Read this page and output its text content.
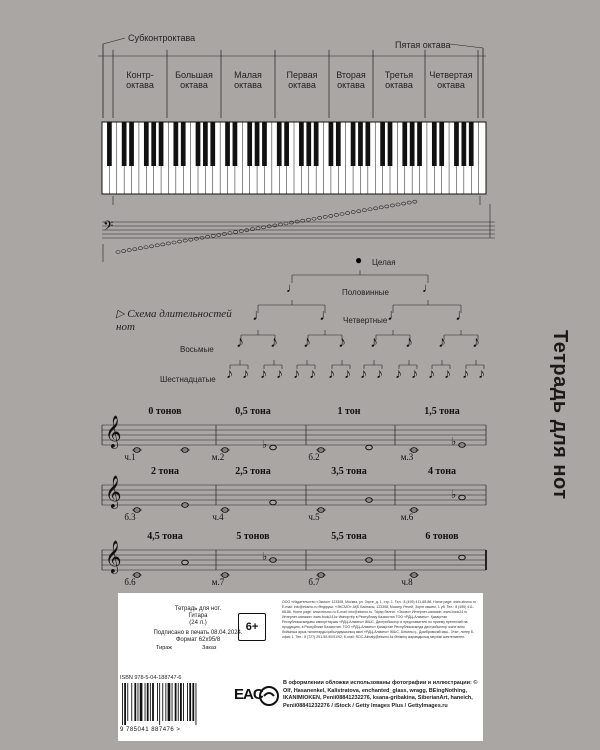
Субконтроктава
Пятая октава
Контр-
октава
Большая
октава
Малая
октава
Первая
октава
Вторая
октава
Третья
октава
Четвертая
октава
𝄢
Тетрадь для нот
● Целая
♩	♩
Половинные
▷ Схема длительностей
нот
Четвертные
♩	♩	♩	♩
Восьмые ♪ ♪ ♪ ♪ ♪ ♪ ♪ ♪
Шестнадцатые ♪ ♪ ♪ ♪ ♪ ♪ ♪ ♪ ♪ ♪ ♪ ♪ ♪ ♪ ♪ ♪
𝄞
0 тонов
ч.1
0,5 тона
м.2
♭
1 тон
б.2
1,5 тона
м.3
♭
𝄞
2 тона
б.3
2,5 тона
ч.4
3,5 тона
ч.5
4 тона
м.6
♭
𝄞
4,5 тона
б.6
5 тонов
м.7
♭
5,5 тона
б.7
6 тонов
ч.8
Тетрадь для нот.
Гитара
(24 л.)
Подписано в печать 08.04.2024.
Формат 62х95/8
Тираж	Заказ
6+
ISBN 978-5-04-188747-6
9 785041 887476 >
EAC
ООО «Издательство «Эксмо» 123308, Москва, ул. Зорге, д. 1, стр. 1. Тел.: 8 (495) 411-68-86. Home page: www.eksmo.ru E-mail: info@eksmo.ru Өндіруші: «ЭКСМО» АҚБ Баспасы, 123308, Мәскеу, Ресей, Зорге көшесі, 1 үй. Тел.: 8 (495) 411-68-86. Home page: www.eksmo.ru E-mail: info@eksmo.ru. Тауар белгісі: «Эксмо» Интернет-магазин: www.book24.ru Интернет-магазин: www.book24.kz Импортёр в Республику Казахстан ТОО «РДЦ-Алматы». Қазақстан Республикасындағы импорттаушы «РДЦ-Алматы» ЖШС. Дистрибьютор и представитель по приему претензий на продукцию, в Республике Казахстан: ТОО «РДЦ-Алматы» Қазақстан Республикасында дистрибьютор және өнім бойынша арыз-талаптарды қабылдаушының өкілі «РДЦ-Алматы» ЖШС, Алматы қ., Домбровский көш., 3«а», литер Б, офис 1. Тел.: 8 (727) 251-59-90/91/92; E-mail: RDC-Almaty@eksmo.kz Өнімнің жарамдылық мерзімі шектелмеген.
В оформлении обложки использованы фотографии и иллюстрации: © Olf, Hasanenkel, Kalistratova, enchanted_glass, wragg, BEingNothing, IKANIMIOKEN, Penii08841232276, ksana-gribakina, SiberianArt, haneich, Penii08841232276 / iStock / Getty Images Plus / GettyImages.ru
